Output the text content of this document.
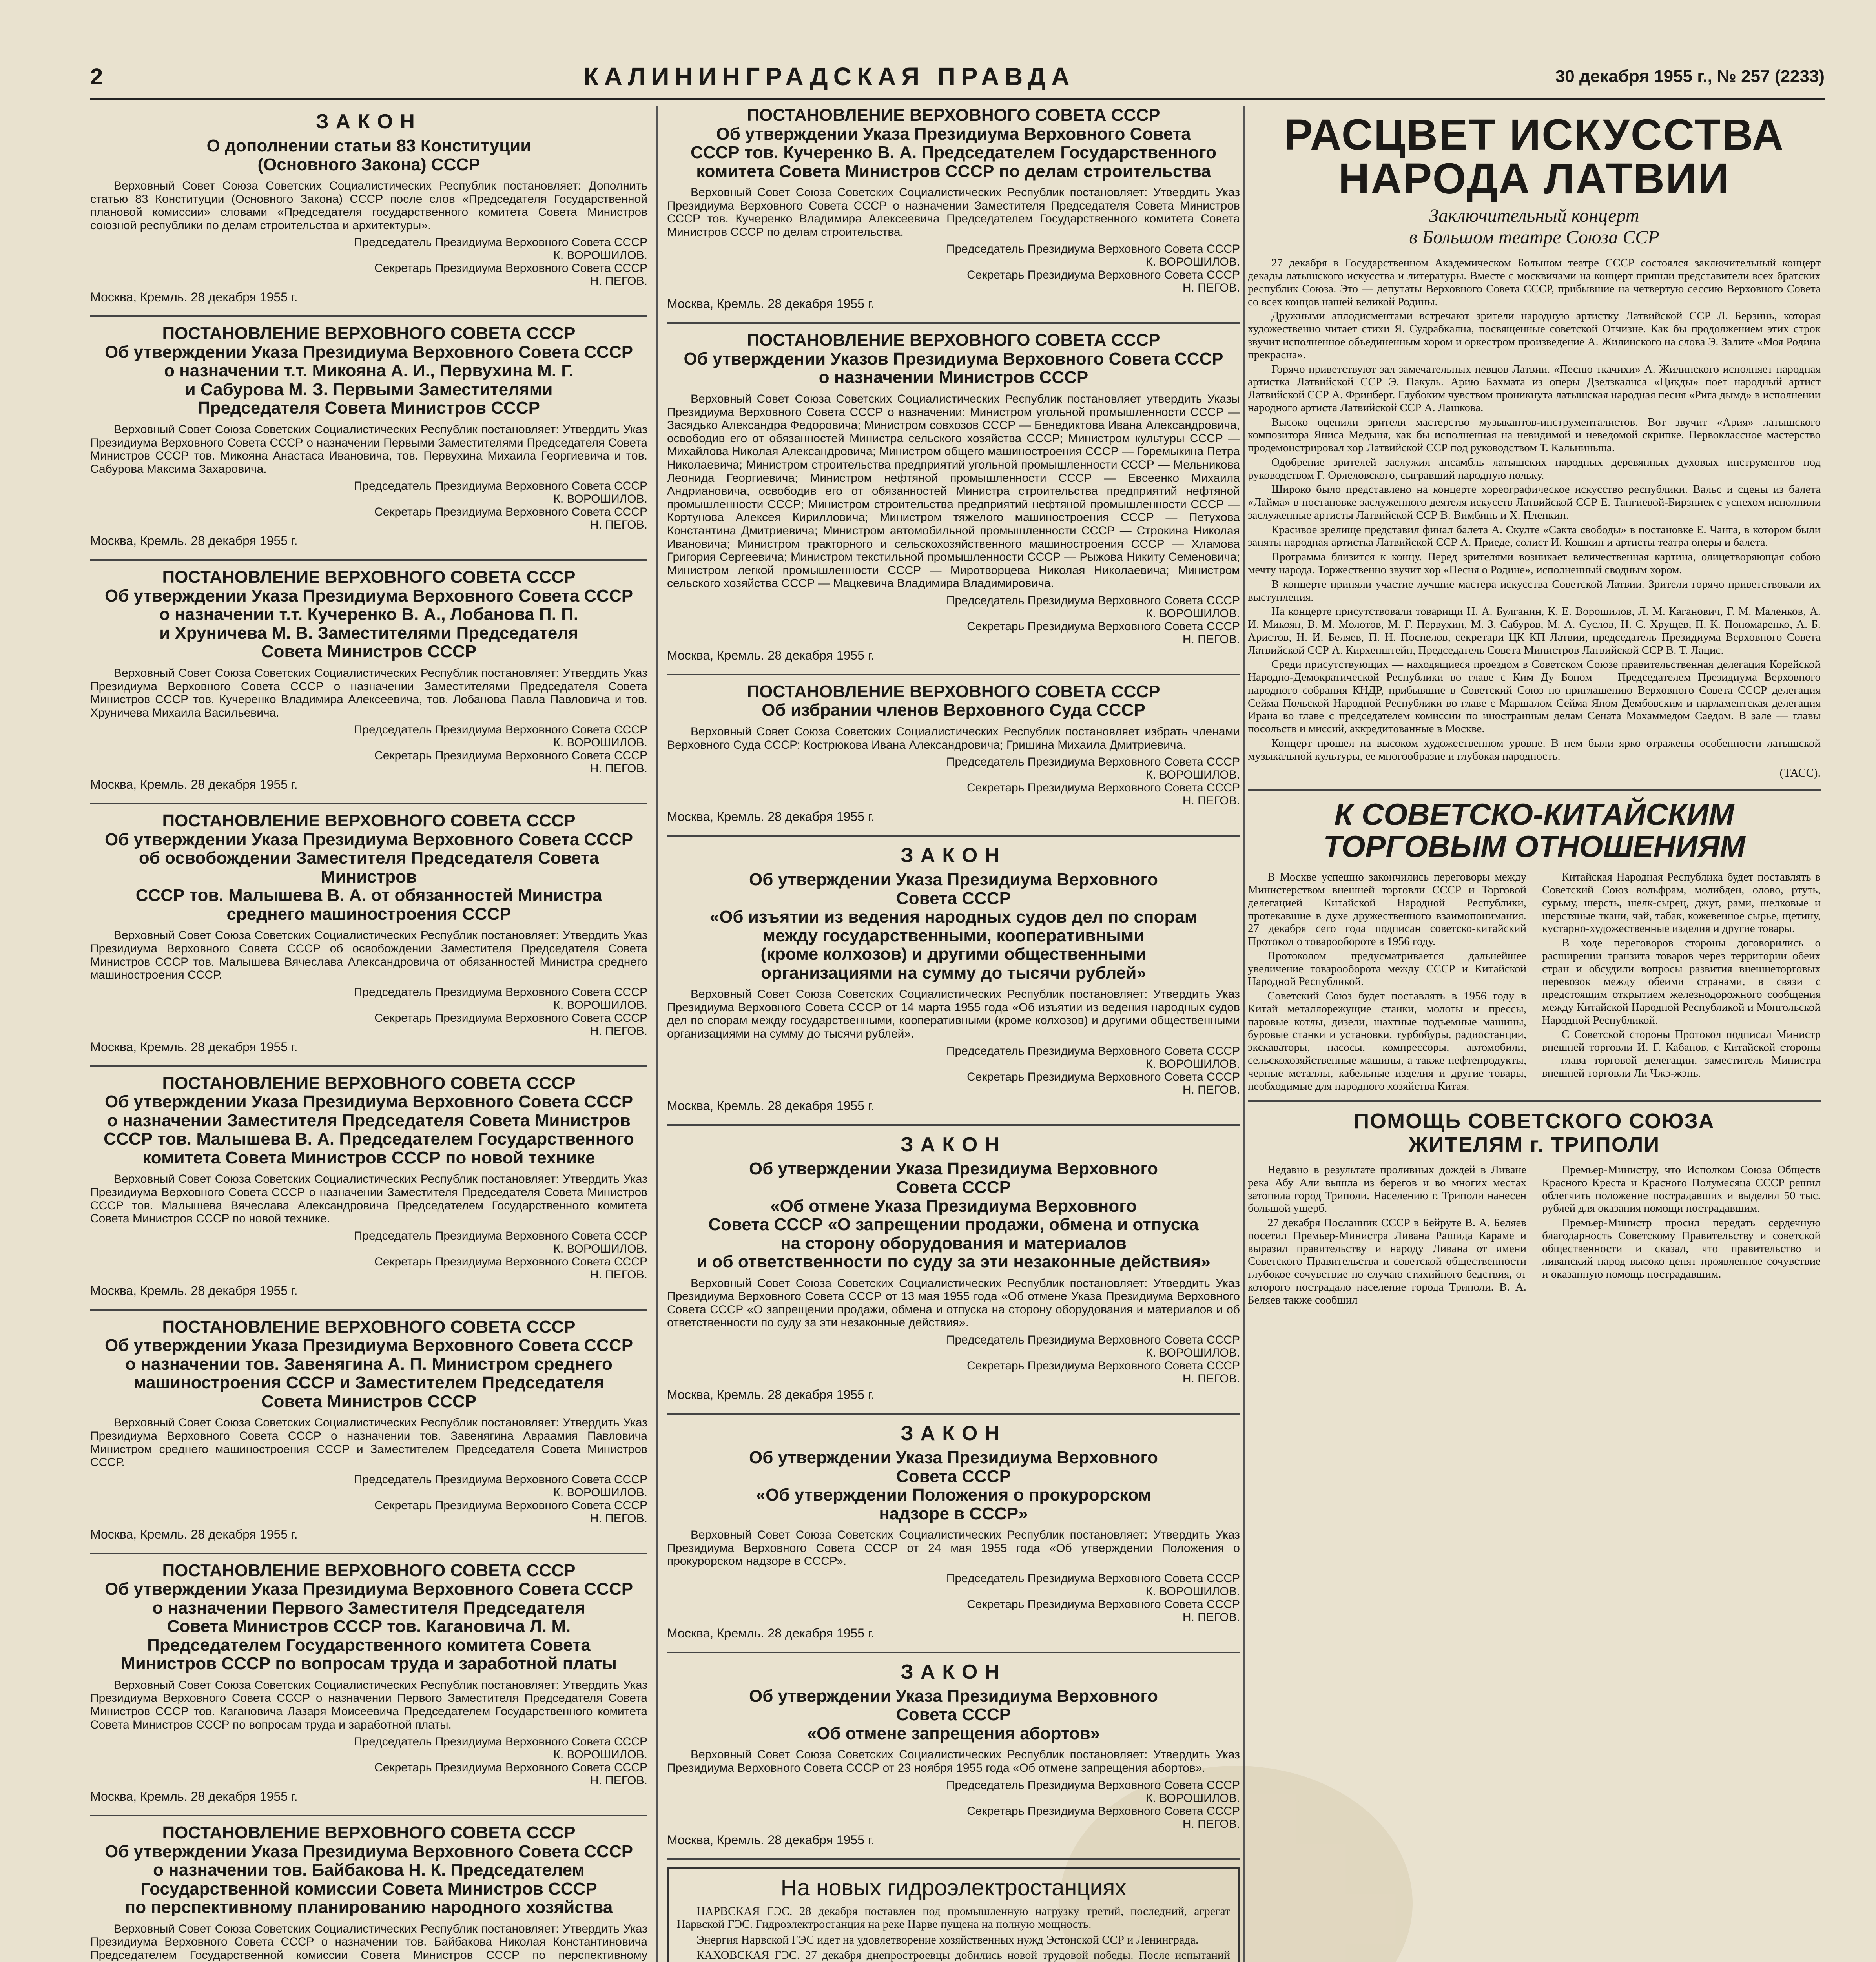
2	КАЛИНИНГРАДСКАЯ ПРАВДА	30 декабря 1955 г., № 257 (2233)
ЗАКОН
О дополнении статьи 83 Конституции
(Основного Закона) СССР
Верховный Совет Союза Советских Социалистических Республик постановляет: Дополнить статью 83 Конституции (Основного Закона) СССР после слов «Председателя Государственной плановой комиссии» словами «Председателя государственного комитета Совета Министров союзной республики по делам строительства и архитектуры».
Председатель Президиума Верховного Совета СССР
К. ВОРОШИЛОВ.
Секретарь Президиума Верховного Совета СССР
Н. ПЕГОВ.
Москва, Кремль. 28 декабря 1955 г.
ПОСТАНОВЛЕНИЕ ВЕРХОВНОГО СОВЕТА СССР
Об утверждении Указа Президиума Верховного Совета СССР
о назначении т.т. Микояна А. И., Первухина М. Г.
и Сабурова М. З. Первыми Заместителями
Председателя Совета Министров СССР
Верховный Совет Союза Советских Социалистических Республик постановляет: Утвердить Указ Президиума Верховного Совета СССР о назначении Первыми Заместителями Председателя Совета Министров СССР тов. Микояна Анастаса Ивановича, тов. Первухина Михаила Георгиевича и тов. Сабурова Максима Захаровича.
Председатель Президиума Верховного Совета СССР
К. ВОРОШИЛОВ.
Секретарь Президиума Верховного Совета СССР
Н. ПЕГОВ.
Москва, Кремль. 28 декабря 1955 г.
ПОСТАНОВЛЕНИЕ ВЕРХОВНОГО СОВЕТА СССР
Об утверждении Указа Президиума Верховного Совета СССР
о назначении т.т. Кучеренко В. А., Лобанова П. П.
и Хруничева М. В. Заместителями Председателя
Совета Министров СССР
Верховный Совет Союза Советских Социалистических Республик постановляет: Утвердить Указ Президиума Верховного Совета СССР о назначении Заместителями Председателя Совета Министров СССР тов. Кучеренко Владимира Алексеевича, тов. Лобанова Павла Павловича и тов. Хруничева Михаила Васильевича.
Председатель Президиума Верховного Совета СССР
К. ВОРОШИЛОВ.
Секретарь Президиума Верховного Совета СССР
Н. ПЕГОВ.
Москва, Кремль. 28 декабря 1955 г.
ПОСТАНОВЛЕНИЕ ВЕРХОВНОГО СОВЕТА СССР
Об утверждении Указа Президиума Верховного Совета СССР
об освобождении Заместителя Председателя Совета Министров
СССР тов. Малышева В. А. от обязанностей Министра
среднего машиностроения СССР
Верховный Совет Союза Советских Социалистических Республик постановляет: Утвердить Указ Президиума Верховного Совета СССР об освобождении Заместителя Председателя Совета Министров СССР тов. Малышева Вячеслава Александровича от обязанностей Министра среднего машиностроения СССР.
Председатель Президиума Верховного Совета СССР
К. ВОРОШИЛОВ.
Секретарь Президиума Верховного Совета СССР
Н. ПЕГОВ.
Москва, Кремль. 28 декабря 1955 г.
ПОСТАНОВЛЕНИЕ ВЕРХОВНОГО СОВЕТА СССР
Об утверждении Указа Президиума Верховного Совета СССР
о назначении Заместителя Председателя Совета Министров
СССР тов. Малышева В. А. Председателем Государственного
комитета Совета Министров СССР по новой технике
Верховный Совет Союза Советских Социалистических Республик постановляет: Утвердить Указ Президиума Верховного Совета СССР о назначении Заместителя Председателя Совета Министров СССР тов. Малышева Вячеслава Александровича Председателем Государственного комитета Совета Министров СССР по новой технике.
Председатель Президиума Верховного Совета СССР
К. ВОРОШИЛОВ.
Секретарь Президиума Верховного Совета СССР
Н. ПЕГОВ.
Москва, Кремль. 28 декабря 1955 г.
ПОСТАНОВЛЕНИЕ ВЕРХОВНОГО СОВЕТА СССР
Об утверждении Указа Президиума Верховного Совета СССР
о назначении тов. Завенягина А. П. Министром среднего
машиностроения СССР и Заместителем Председателя
Совета Министров СССР
Верховный Совет Союза Советских Социалистических Республик постановляет: Утвердить Указ Президиума Верховного Совета СССР о назначении тов. Завенягина Авраамия Павловича Министром среднего машиностроения СССР и Заместителем Председателя Совета Министров СССР.
Председатель Президиума Верховного Совета СССР
К. ВОРОШИЛОВ.
Секретарь Президиума Верховного Совета СССР
Н. ПЕГОВ.
Москва, Кремль. 28 декабря 1955 г.
ПОСТАНОВЛЕНИЕ ВЕРХОВНОГО СОВЕТА СССР
Об утверждении Указа Президиума Верховного Совета СССР
о назначении Первого Заместителя Председателя
Совета Министров СССР тов. Кагановича Л. М.
Председателем Государственного комитета Совета
Министров СССР по вопросам труда и заработной платы
Верховный Совет Союза Советских Социалистических Республик постановляет: Утвердить Указ Президиума Верховного Совета СССР о назначении Первого Заместителя Председателя Совета Министров СССР тов. Кагановича Лазаря Моисеевича Председателем Государственного комитета Совета Министров СССР по вопросам труда и заработной платы.
Председатель Президиума Верховного Совета СССР
К. ВОРОШИЛОВ.
Секретарь Президиума Верховного Совета СССР
Н. ПЕГОВ.
Москва, Кремль. 28 декабря 1955 г.
ПОСТАНОВЛЕНИЕ ВЕРХОВНОГО СОВЕТА СССР
Об утверждении Указа Президиума Верховного Совета СССР
о назначении тов. Байбакова Н. К. Председателем
Государственной комиссии Совета Министров СССР
по перспективному планированию народного хозяйства
Верховный Совет Союза Советских Социалистических Республик постановляет: Утвердить Указ Президиума Верховного Совета СССР о назначении тов. Байбакова Николая Константиновича Председателем Государственной комиссии Совета Министров СССР по перспективному
ПОСТАНОВЛЕНИЕ ВЕРХОВНОГО СОВЕТА СССР
Об утверждении Указа Президиума Верховного Совета
СССР тов. Кучеренко В. А. Председателем Государственного
комитета Совета Министров СССР по делам строительства
Верховный Совет Союза Советских Социалистических Республик постановляет: Утвердить Указ Президиума Верховного Совета СССР о назначении Заместителя Председателя Совета Министров СССР тов. Кучеренко Владимира Алексеевича Председателем Государственного комитета Совета Министров СССР по делам строительства.
Председатель Президиума Верховного Совета СССР
К. ВОРОШИЛОВ.
Секретарь Президиума Верховного Совета СССР
Н. ПЕГОВ.
Москва, Кремль. 28 декабря 1955 г.
ПОСТАНОВЛЕНИЕ ВЕРХОВНОГО СОВЕТА СССР
Об утверждении Указов Президиума Верховного Совета СССР
о назначении Министров СССР
Верховный Совет Союза Советских Социалистических Республик постановляет утвердить Указы Президиума Верховного Совета СССР о назначении: Министром угольной промышленности СССР — Засядько Александра Федоровича; Министром совхозов СССР — Бенедиктова Ивана Александровича, освободив его от обязанностей Министра сельского хозяйства СССР; Министром культуры СССР — Михайлова Николая Александровича; Министром общего машиностроения СССР — Горемыкина Петра Николаевича; Министром строительства предприятий угольной промышленности СССР — Мельникова Леонида Георгиевича; Министром нефтяной промышленности СССР — Евсеенко Михаила Андриановича, освободив его от обязанностей Министра строительства предприятий нефтяной промышленности СССР; Министром строительства предприятий нефтяной промышленности СССР — Кортунова Алексея Кирилловича; Министром тяжелого машиностроения СССР — Петухова Константина Дмитриевича; Министром автомобильной промышленности СССР — Строкина Николая Ивановича; Министром тракторного и сельскохозяйственного машиностроения СССР — Хламова Григория Сергеевича; Министром текстильной промышленности СССР — Рыжова Никиту Семеновича; Министром легкой промышленности СССР — Миротворцева Николая Николаевича; Министром сельского хозяйства СССР — Мацкевича Владимира Владимировича.
Председатель Президиума Верховного Совета СССР
К. ВОРОШИЛОВ.
Секретарь Президиума Верховного Совета СССР
Н. ПЕГОВ.
Москва, Кремль. 28 декабря 1955 г.
ПОСТАНОВЛЕНИЕ ВЕРХОВНОГО СОВЕТА СССР
Об избрании членов Верховного Суда СССР
Верховный Совет Союза Советских Социалистических Республик постановляет избрать членами Верховного Суда СССР: Кострюкова Ивана Александровича; Гришина Михаила Дмитриевича.
Председатель Президиума Верховного Совета СССР
К. ВОРОШИЛОВ.
Секретарь Президиума Верховного Совета СССР
Н. ПЕГОВ.
Москва, Кремль. 28 декабря 1955 г.
ЗАКОН
Об утверждении Указа Президиума Верховного
Совета СССР
«Об изъятии из ведения народных судов дел по спорам
между государственными, кооперативными
(кроме колхозов) и другими общественными
организациями на сумму до тысячи рублей»
Верховный Совет Союза Советских Социалистических Республик постановляет: Утвердить Указ Президиума Верховного Совета СССР от 14 марта 1955 года «Об изъятии из ведения народных судов дел по спорам между государственными, кооперативными (кроме колхозов) и другими общественными организациями на сумму до тысячи рублей».
Председатель Президиума Верховного Совета СССР
К. ВОРОШИЛОВ.
Секретарь Президиума Верховного Совета СССР
Н. ПЕГОВ.
Москва, Кремль. 28 декабря 1955 г.
ЗАКОН
Об утверждении Указа Президиума Верховного
Совета СССР
«Об отмене Указа Президиума Верховного
Совета СССР «О запрещении продажи, обмена и отпуска
на сторону оборудования и материалов
и об ответственности по суду за эти незаконные действия»
Верховный Совет Союза Советских Социалистических Республик постановляет: Утвердить Указ Президиума Верховного Совета СССР от 13 мая 1955 года «Об отмене Указа Президиума Верховного Совета СССР «О запрещении продажи, обмена и отпуска на сторону оборудования и материалов и об ответственности по суду за эти незаконные действия».
Председатель Президиума Верховного Совета СССР
К. ВОРОШИЛОВ.
Секретарь Президиума Верховного Совета СССР
Н. ПЕГОВ.
Москва, Кремль. 28 декабря 1955 г.
ЗАКОН
Об утверждении Указа Президиума Верховного
Совета СССР
«Об утверждении Положения о прокурорском
надзоре в СССР»
Верховный Совет Союза Советских Социалистических Республик постановляет: Утвердить Указ Президиума Верховного Совета СССР от 24 мая 1955 года «Об утверждении Положения о прокурорском надзоре в СССР».
Председатель Президиума Верховного Совета СССР
К. ВОРОШИЛОВ.
Секретарь Президиума Верховного Совета СССР
Н. ПЕГОВ.
Москва, Кремль. 28 декабря 1955 г.
ЗАКОН
Об утверждении Указа Президиума Верховного
Совета СССР
«Об отмене запрещения абортов»
Верховный Совет Союза Советских Социалистических Республик постановляет: Утвердить Указ Президиума Верховного Совета СССР от 23 ноября 1955 года «Об отмене запрещения абортов».
Председатель Президиума Верховного Совета СССР
К. ВОРОШИЛОВ.
Секретарь Президиума Верховного Совета СССР
Н. ПЕГОВ.
Москва, Кремль. 28 декабря 1955 г.
На новых гидроэлектростанциях

НАРВСКАЯ ГЭС. 28 декабря поставлен под промышленную нагрузку третий, последний, агрегат Нарвской ГЭС. Гидроэлектростанция на реке Нарве пущена на полную мощность.

Энергия Нарвской ГЭС идет на удовлетворение хозяйственных нужд Эстонской ССР и Ленинграда.

КАХОВСКАЯ ГЭС. 27 декабря днепростроевцы добились новой трудовой победы. После испытаний

РАСЦВЕТ ИСКУССТВА
НАРОДА ЛАТВИИ
Заключительный концерт
в Большом театре Союза ССР

27 декабря в Государственном Академическом Большом театре СССР состоялся заключительный концерт декады латышского искусства и литературы. Вместе с москвичами на концерт пришли представители всех братских республик Союза. Это — депутаты Верховного Совета СССР, прибывшие на четвертую сессию Верховного Совета со всех концов нашей великой Родины.

Дружными аплодисментами встречают зрители народную артистку Латвийской ССР Л. Берзинь, которая художественно читает стихи Я. Судрабкална, посвященные советской Отчизне. Как бы продолжением этих строк звучит исполненное объединенным хором и оркестром произведение А. Жилинского на слова Э. Залите «Моя Родина прекрасна».

Горячо приветствуют зал замечательных певцов Латвии. «Песню ткачихи» А. Жилинского исполняет народная артистка Латвийской ССР Э. Пакуль. Арию Бахмата из оперы Дзелзкалнса «Цикды» поет народный артист Латвийской ССР А. Фринберг. Глубоким чувством проникнута латышская народная песня «Рига дымд» в исполнении народного артиста Латвийской ССР А. Лашкова.

Высоко оценили зрители мастерство музыкантов-инструменталистов. Вот звучит «Ария» латышского композитора Яниса Медыня, как бы исполненная на невидимой и неведомой скрипке. Первоклассное мастерство продемонстрировал хор Латвийской ССР под руководством Т. Кальниньша.

Одобрение зрителей заслужил ансамбль латышских народных деревянных духовых инструментов под руководством Г. Орлеловского, сыгравший народную польку.

Широко было представлено на концерте хореографическое искусство республики. Вальс и сцены из балета «Лайма» в постановке заслуженного деятеля искусств Латвийской ССР Е. Тангиевой-Бирзниек с успехом исполнили заслуженные артисты Латвийской ССР В. Вимбинь и Х. Пленкин.

Красивое зрелище представил финал балета А. Скулте «Сакта свободы» в постановке Е. Чанга, в котором были заняты народная артистка Латвийской ССР А. Приеде, солист И. Кошкин и артисты театра оперы и балета.

Программа близится к концу. Перед зрителями возникает величественная картина, олицетворяющая собою мечту народа. Торжественно звучит хор «Песня о Родине», исполненный сводным хором.

В концерте приняли участие лучшие мастера искусства Советской Латвии. Зрители горячо приветствовали их выступления.

На концерте присутствовали товарищи Н. А. Булганин, К. Е. Ворошилов, Л. М. Каганович, Г. М. Маленков, А. И. Микоян, В. М. Молотов, М. Г. Первухин, М. З. Сабуров, М. А. Суслов, Н. С. Хрущев, П. К. Пономаренко, А. Б. Аристов, Н. И. Беляев, П. Н. Поспелов, секретари ЦК КП Латвии, председатель Президиума Верховного Совета Латвийской ССР А. Кирхенштейн, Председатель Совета Министров Латвийской ССР В. Т. Лацис.

Среди присутствующих — находящиеся проездом в Советском Союзе правительственная делегация Корейской Народно-Демократической Республики во главе с Ким Ду Боном — Председателем Президиума Верховного народного собрания КНДР, прибывшие в Советский Союз по приглашению Верховного Совета СССР делегация Сейма Польской Народной Республики во главе с Маршалом Сейма Яном Дембовским и парламентская делегация Ирана во главе с председателем комиссии по иностранным делам Сената Мохаммедом Саедом. В зале — главы посольств и миссий, аккредитованные в Москве.

Концерт прошел на высоком художественном уровне. В нем были ярко отражены особенности латышской музыкальной культуры, ее многообразие и глубокая народность.

(ТАСС).
К СОВЕТСКО-КИТАЙСКИМ
ТОРГОВЫМ ОТНОШЕНИЯМ

В Москве успешно закончились переговоры между Министерством внешней торговли СССР и Торговой делегацией Китайской Народной Республики, протекавшие в духе дружественного взаимопонимания. 27 декабря сего года подписан советско-китайский Протокол о товарообороте в 1956 году.

Протоколом предусматривается дальнейшее увеличение товарооборота между СССР и Китайской Народной Республикой.

Советский Союз будет поставлять в 1956 году в Китай металлорежущие станки, молоты и прессы, паровые котлы, дизели, шахтные подъемные машины, буровые станки и установки, турбобуры, радиостанции, экскаваторы, насосы, компрессоры, автомобили, сельскохозяйственные машины, а также нефтепродукты, черные металлы, кабельные изделия и другие товары, необходимые для народного хозяйства Китая.

Китайская Народная Республика будет поставлять в Советский Союз вольфрам, молибден, олово, ртуть, сурьму, шерсть, шелк-сырец, джут, рами, шелковые и шерстяные ткани, чай, табак, кожевенное сырье, щетину, кустарно-художественные изделия и другие товары.

В ходе переговоров стороны договорились о расширении транзита товаров через территории обеих стран и обсудили вопросы развития внешнеторговых перевозок между обеими странами, в связи с предстоящим открытием железнодорожного сообщения между Китайской Народной Республикой и Монгольской Народной Республикой.

С Советской стороны Протокол подписал Министр внешней торговли И. Г. Кабанов, с Китайской стороны — глава торговой делегации, заместитель Министра внешней торговли Ли Чжэ-жэнь.

ПОМОЩЬ СОВЕТСКОГО СОЮЗА
ЖИТЕЛЯМ г. ТРИПОЛИ

Недавно в результате проливных дождей в Ливане река Абу Али вышла из берегов и во многих местах затопила город Триполи. Населению г. Триполи нанесен большой ущерб.

27 декабря Посланник СССР в Бейруте В. А. Беляев посетил Премьер-Министра Ливана Рашида Караме и выразил правительству и народу Ливана от имени Советского Правительства и советской общественности глубокое сочувствие по случаю стихийного бедствия, от которого пострадало население города Триполи. В. А. Беляев также сообщил

Премьер-Министру, что Исполком Союза Обществ Красного Креста и Красного Полумесяца СССР решил облегчить положение пострадавших и выделил 50 тыс. рублей для оказания помощи пострадавшим.

Премьер-Министр просил передать сердечную благодарность Советскому Правительству и советской общественности и сказал, что правительство и ливанский народ высоко ценят проявленное сочувствие и оказанную помощь пострадавшим.
